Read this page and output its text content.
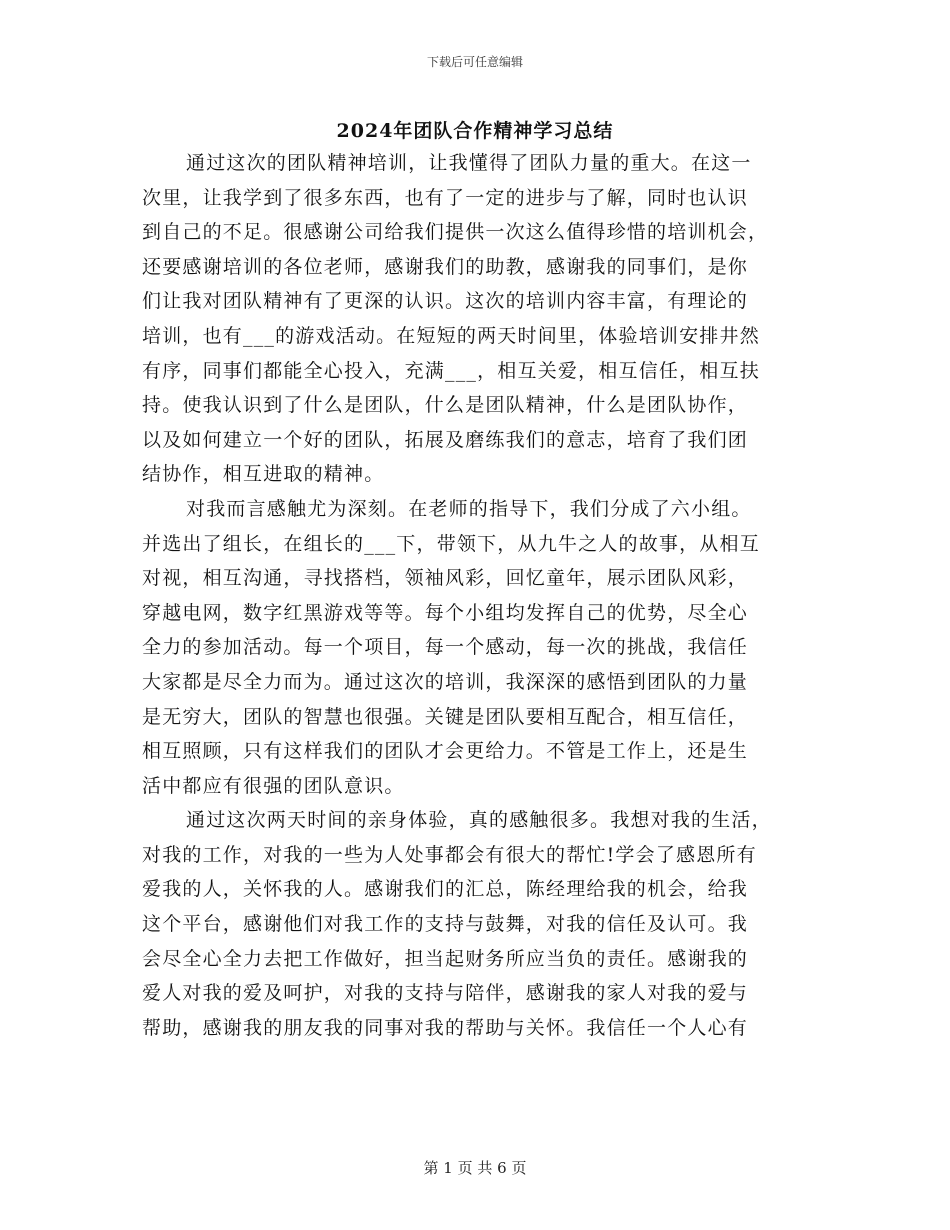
下载后可任意编辑
2024年团队合作精神学习总结
通过这次的团队精神培训，让我懂得了团队力量的重大。在这一
次里，让我学到了很多东西，也有了一定的进步与了解，同时也认识
到自己的不足。很感谢公司给我们提供一次这么值得珍惜的培训机会，
还要感谢培训的各位老师，感谢我们的助教，感谢我的同事们，是你
们让我对团队精神有了更深的认识。这次的培训内容丰富，有理论的
培训，也有___的游戏活动。在短短的两天时间里，体验培训安排井然
有序，同事们都能全心投入，充满___，相互关爱，相互信任，相互扶
持。使我认识到了什么是团队，什么是团队精神，什么是团队协作，
以及如何建立一个好的团队，拓展及磨练我们的意志，培育了我们团
结协作，相互进取的精神。
对我而言感触尤为深刻。在老师的指导下，我们分成了六小组。
并选出了组长，在组长的___下，带领下，从九牛之人的故事，从相互
对视，相互沟通，寻找搭档，领袖风彩，回忆童年，展示团队风彩，
穿越电网，数字红黑游戏等等。每个小组均发挥自己的优势，尽全心
全力的参加活动。每一个项目，每一个感动，每一次的挑战，我信任
大家都是尽全力而为。通过这次的培训，我深深的感悟到团队的力量
是无穷大，团队的智慧也很强。关键是团队要相互配合，相互信任，
相互照顾，只有这样我们的团队才会更给力。不管是工作上，还是生
活中都应有很强的团队意识。
通过这次两天时间的亲身体验，真的感触很多。我想对我的生活，
对我的工作，对我的一些为人处事都会有很大的帮忙!学会了感恩所有
爱我的人，关怀我的人。感谢我们的汇总，陈经理给我的机会，给我
这个平台，感谢他们对我工作的支持与鼓舞，对我的信任及认可。我
会尽全心全力去把工作做好，担当起财务所应当负的责任。感谢我的
爱人对我的爱及呵护，对我的支持与陪伴，感谢我的家人对我的爱与
帮助，感谢我的朋友我的同事对我的帮助与关怀。我信任一个人心有
第 1 页 共 6 页
